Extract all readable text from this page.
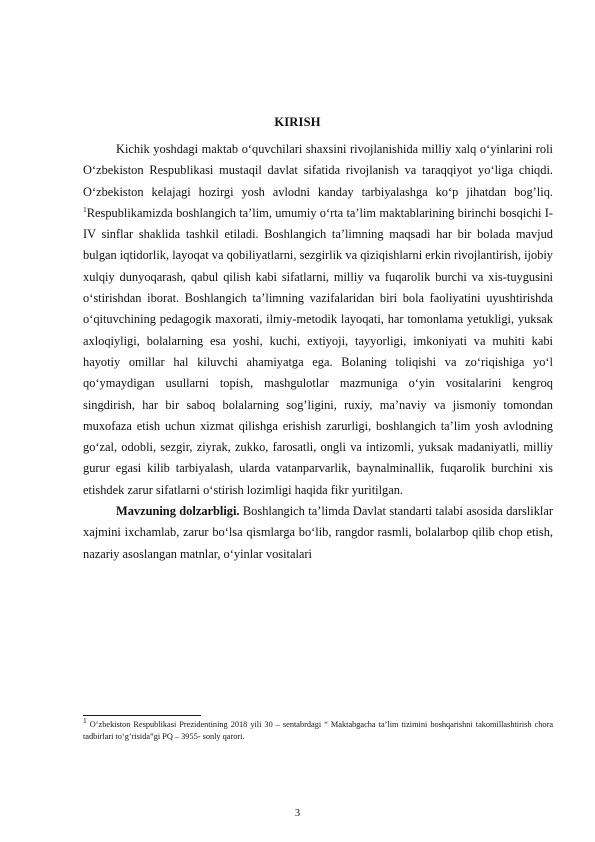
KIRISH

Kichik yoshdagi maktab o‘quvchilari shaxsini rivojlanishida milliy xalq o‘yinlarini roli O‘zbekiston Respublikasi mustaqil davlat sifatida rivojlanish va taraqqiyot yo‘liga chiqdi. O‘zbekiston kelajagi hozirgi yosh avlodni kanday tarbiyalashga ko‘p jihatdan bog’liq. $^1$Respublikamizda boshlangich ta’lim, umumiy o‘rta ta’lim maktablarining birinchi bosqichi I-IV sinflar shaklida tashkil etiladi. Boshlangich ta’limning maqsadi har bir bolada mavjud bulgan iqtidorlik, layoqat va qobiliyatlarni, sezgirlik va qiziqishlarni erkin rivojlantirish, ijobiy xulqiy dunyoqarash, qabul qilish kabi sifatlarni, milliy va fuqarolik burchi va xis-tuygusini o‘stirishdan iborat. Boshlangich ta’limning vazifalaridan biri bola faoliyatini uyushtirishda o‘qituvchining pedagogik maxorati, ilmiy-metodik layoqati, har tomonlama yetukligi, yuksak axloqiyligi, bolalarning esa yoshi, kuchi, extiyoji, tayyorligi, imkoniyati va muhiti kabi hayotiy omillar hal kiluvchi ahamiyatga ega. Bolaning toliqishi va zo‘riqishiga yo‘l qo‘ymaydigan usullarni topish, mashgulotlar mazmuniga o‘yin vositalarini kengroq singdirish, har bir saboq bolalarning sog’ligini, ruxiy, ma’naviy va jismoniy tomondan muxofaza etish uchun xizmat qilishga erishish zarurligi, boshlangich ta’lim yosh avlodning go‘zal, odobli, sezgir, ziyrak, zukko, farosatli, ongli va intizomli, yuksak madaniyatli, milliy gurur egasi kilib tarbiyalash, ularda vatanparvarlik, baynalminallik, fuqarolik burchini xis etishdek zarur sifatlarni o‘stirish lozimligi haqida fikr yuritilgan.

Mavzuning dolzarbligi. Boshlangich ta’limda Davlat standarti talabi asosida darsliklar xajmini ixchamlab, zarur bo‘lsa qismlarga bo‘lib, rangdor rasmli, bolalarbop qilib chop etish, nazariy asoslangan matnlar, o‘yinlar vositalari

$^1$ O‘zbekiston Respublikasi Prezidentining 2018 yili 30 – sentabrdagi “ Maktabgacha ta’lim tizimini boshqarishni takomillashtirish chora tadbirlari to‘g’risida”gi PQ – 3955- sonly qarori.
3
